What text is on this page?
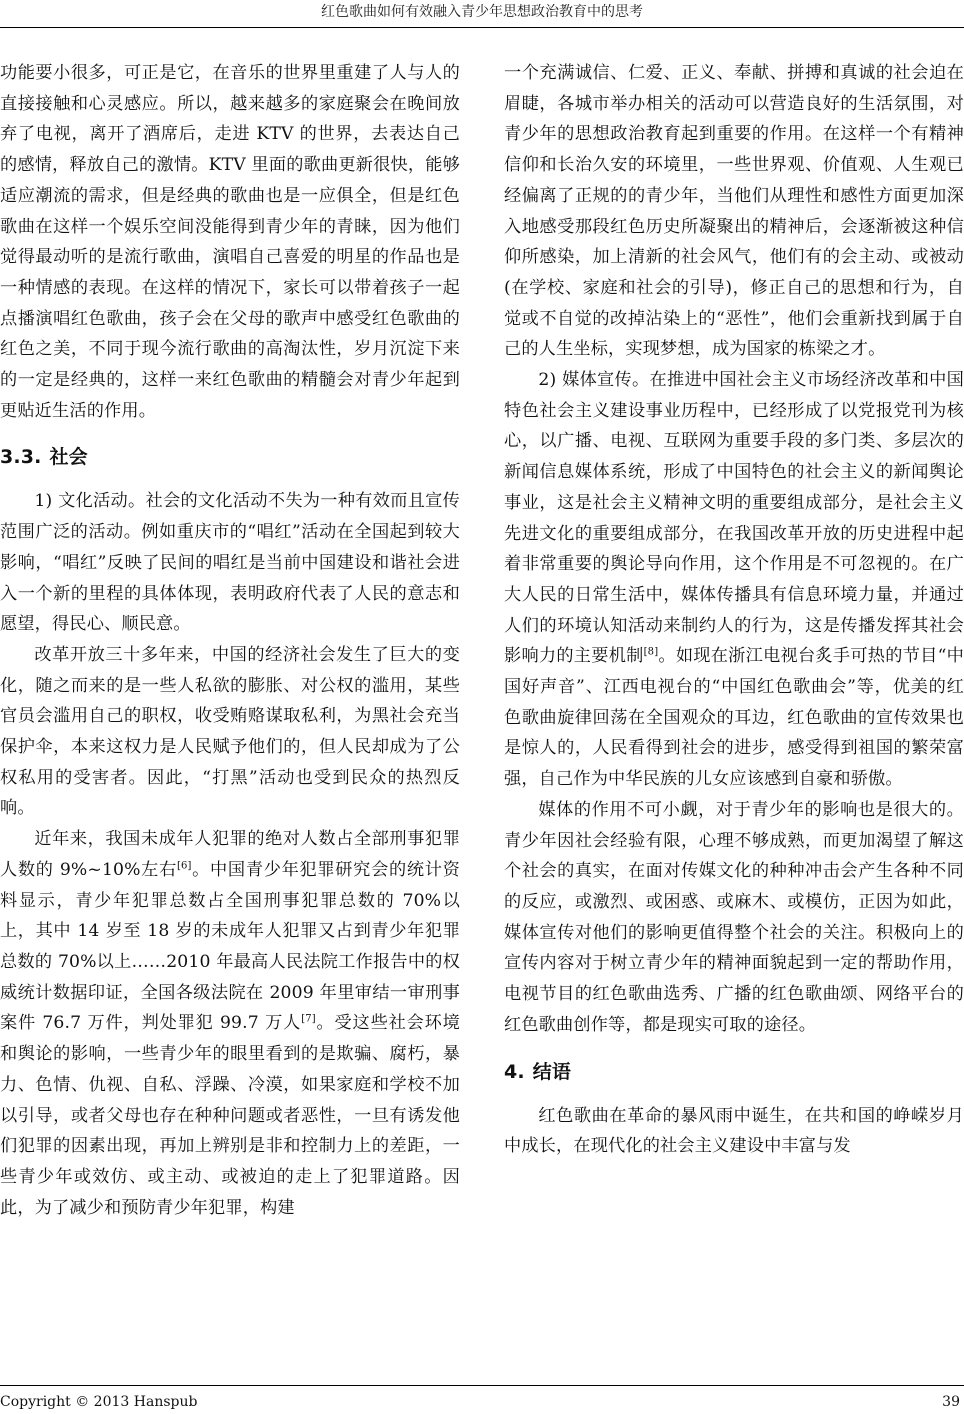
红色歌曲如何有效融入青少年思想政治教育中的思考

功能要小很多，可正是它，在音乐的世界里重建了人与人的直接接触和心灵感应。所以，越来越多的家庭聚会在晚间放弃了电视，离开了酒席后，走进 KTV 的世界，去表达自己的感情，释放自己的激情。KTV 里面的歌曲更新很快，能够适应潮流的需求，但是经典的歌曲也是一应俱全，但是红色歌曲在这样一个娱乐空间没能得到青少年的青睐，因为他们觉得最动听的是流行歌曲，演唱自己喜爱的明星的作品也是一种情感的表现。在这样的情况下，家长可以带着孩子一起点播演唱红色歌曲，孩子会在父母的歌声中感受红色歌曲的红色之美，不同于现今流行歌曲的高淘汰性，岁月沉淀下来的一定是经典的，这样一来红色歌曲的精髓会对青少年起到更贴近生活的作用。

3.3. 社会

1) 文化活动。社会的文化活动不失为一种有效而且宣传范围广泛的活动。例如重庆市的“唱红”活动在全国起到较大影响，“唱红”反映了民间的唱红是当前中国建设和谐社会进入一个新的里程的具体体现，表明政府代表了人民的意志和愿望，得民心、顺民意。

改革开放三十多年来，中国的经济社会发生了巨大的变化，随之而来的是一些人私欲的膨胀、对公权的滥用，某些官员会滥用自己的职权，收受贿赂谋取私利，为黑社会充当保护伞，本来这权力是人民赋予他们的，但人民却成为了公权私用的受害者。因此，“打黑”活动也受到民众的热烈反响。

近年来，我国未成年人犯罪的绝对人数占全部刑事犯罪人数的 9%~10%左右[6]。中国青少年犯罪研究会的统计资料显示，青少年犯罪总数占全国刑事犯罪总数的 70%以上，其中 14 岁至 18 岁的未成年人犯罪又占到青少年犯罪总数的 70%以上……2010 年最高人民法院工作报告中的权威统计数据印证，全国各级法院在 2009 年里审结一审刑事案件 76.7 万件，判处罪犯 99.7 万人[7]。受这些社会环境和舆论的影响，一些青少年的眼里看到的是欺骗、腐朽，暴力、色情、仇视、自私、浮躁、冷漠，如果家庭和学校不加以引导，或者父母也存在种种问题或者恶性，一旦有诱发他们犯罪的因素出现，再加上辨别是非和控制力上的差距，一些青少年或效仿、或主动、或被迫的走上了犯罪道路。因此，为了减少和预防青少年犯罪，构建

一个充满诚信、仁爱、正义、奉献、拼搏和真诚的社会迫在眉睫，各城市举办相关的活动可以营造良好的生活氛围，对青少年的思想政治教育起到重要的作用。在这样一个有精神信仰和长治久安的环境里，一些世界观、价值观、人生观已经偏离了正规的的青少年，当他们从理性和感性方面更加深入地感受那段红色历史所凝聚出的精神后，会逐渐被这种信仰所感染，加上清新的社会风气，他们有的会主动、或被动(在学校、家庭和社会的引导)，修正自己的思想和行为，自觉或不自觉的改掉沾染上的“恶性”，他们会重新找到属于自己的人生坐标，实现梦想，成为国家的栋梁之才。

2) 媒体宣传。在推进中国社会主义市场经济改革和中国特色社会主义建设事业历程中，已经形成了以党报党刊为核心，以广播、电视、互联网为重要手段的多门类、多层次的新闻信息媒体系统，形成了中国特色的社会主义的新闻舆论事业，这是社会主义精神文明的重要组成部分，是社会主义先进文化的重要组成部分，在我国改革开放的历史进程中起着非常重要的舆论导向作用，这个作用是不可忽视的。在广大人民的日常生活中，媒体传播具有信息环境力量，并通过人们的环境认知活动来制约人的行为，这是传播发挥其社会影响力的主要机制[8]。如现在浙江电视台炙手可热的节目“中国好声音”、江西电视台的“中国红色歌曲会”等，优美的红色歌曲旋律回荡在全国观众的耳边，红色歌曲的宣传效果也是惊人的，人民看得到社会的进步，感受得到祖国的繁荣富强，自己作为中华民族的儿女应该感到自豪和骄傲。

媒体的作用不可小觑，对于青少年的影响也是很大的。青少年因社会经验有限，心理不够成熟，而更加渴望了解这个社会的真实，在面对传媒文化的种种冲击会产生各种不同的反应，或激烈、或困惑、或麻木、或模仿，正因为如此，媒体宣传对他们的影响更值得整个社会的关注。积极向上的宣传内容对于树立青少年的精神面貌起到一定的帮助作用，电视节目的红色歌曲选秀、广播的红色歌曲颂、网络平台的红色歌曲创作等，都是现实可取的途径。

4. 结语

红色歌曲在革命的暴风雨中诞生，在共和国的峥嵘岁月中成长，在现代化的社会主义建设中丰富与发

Copyright © 2013 Hanspub	39
